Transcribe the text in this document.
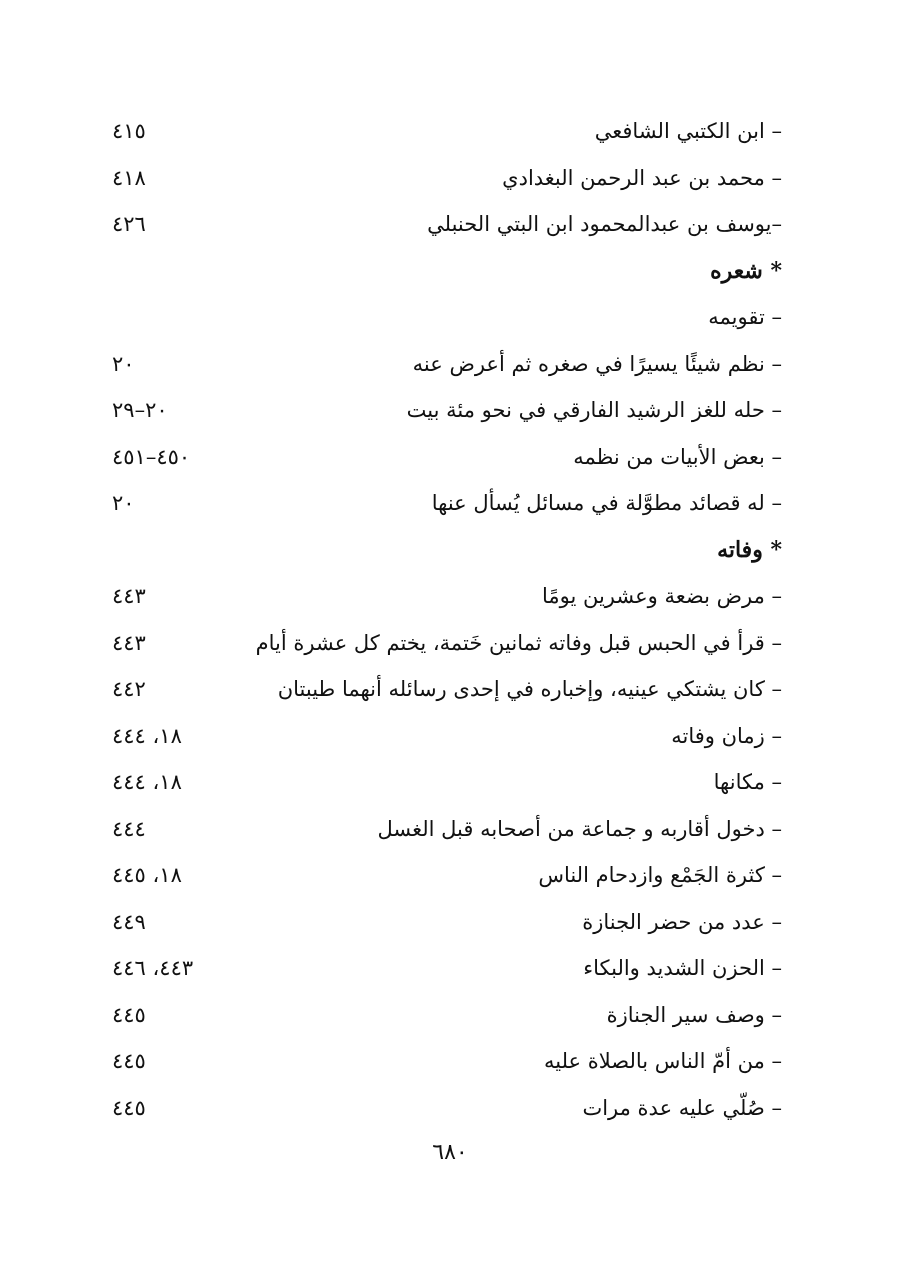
٤١٥	– ابن الكتبي الشافعي
٤١٨	– محمد بن عبد الرحمن البغدادي
٤٢٦	–يوسف بن عبدالمحمود ابن البتي الحنبلي
* شعره
– تقويمه
٢٠	– نظم شيئًا يسيرًا في صغره ثم أعرض عنه
٢٠–٢٩	– حله للغز الرشيد الفارقي في نحو مئة بيت
٤٥٠–٤٥١	– بعض الأبيات من نظمه
٢٠	– له قصائد مطوَّلة في مسائل يُسأل عنها
* وفاته
٤٤٣	– مرض بضعة وعشرين يومًا
٤٤٣	– قرأ في الحبس قبل وفاته ثمانين خَتمة، يختم كل عشرة أيام
٤٤٢	– كان يشتكي عينيه، وإخباره في إحدى رسائله أنهما طيبتان
١٨، ٤٤٤	– زمان وفاته
١٨، ٤٤٤	– مكانها
٤٤٤	– دخول أقاربه و جماعة من أصحابه قبل الغسل
١٨، ٤٤٥	– كثرة الجَمْع وازدحام الناس
٤٤٩	– عدد من حضر الجنازة
٤٤٣، ٤٤٦	– الحزن الشديد والبكاء
٤٤٥	– وصف سير الجنازة
٤٤٥	– من أمّ الناس بالصلاة عليه
٤٤٥	– صُلّي عليه عدة مرات
٦٨٠
